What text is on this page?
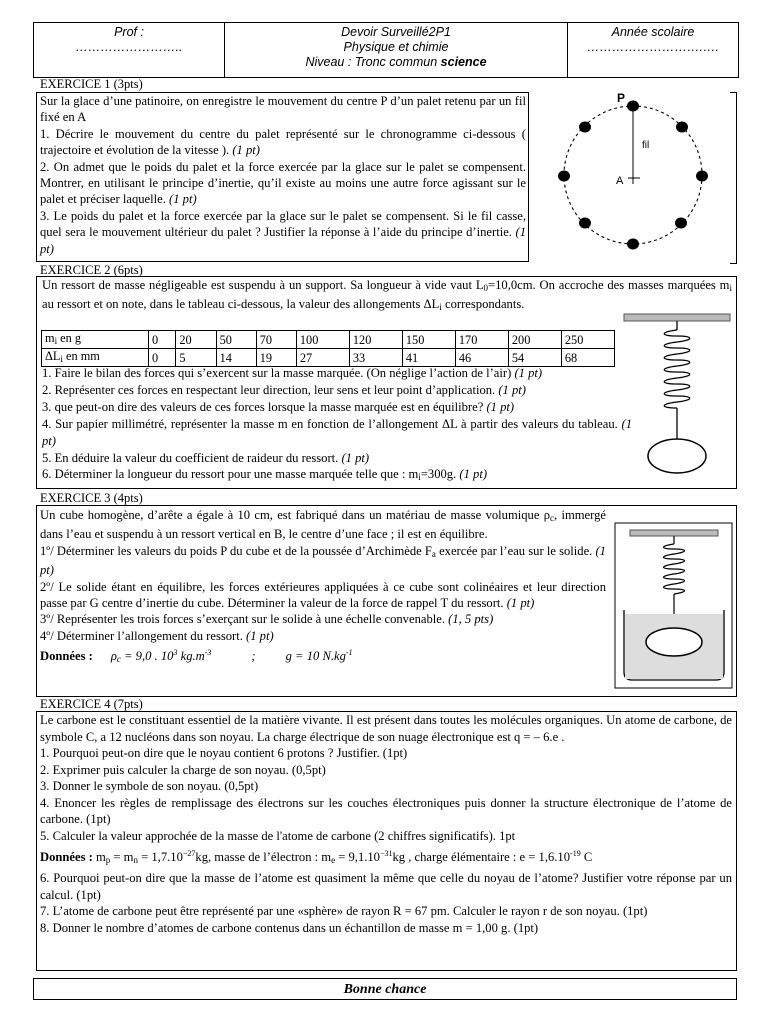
Prof :
……………………..
Devoir Surveillé2P1
Physique et chimie
Niveau : Tronc commun science
Année scolaire
……………………….….
EXERCICE 1 (3pts)

Sur la glace d’une patinoire, on enregistre le mouvement du centre P d’un palet retenu par un fil fixé en A

1. Décrire le mouvement du centre du palet représenté sur le chronogramme ci-dessous ( trajectoire et évolution de la vitesse ). (1 pt)

2. On admet que le poids du palet et la force exercée par la glace sur le palet se compensent. Montrer, en utilisant le principe d’inertie, qu’il existe au moins une autre force agissant sur le palet et préciser laquelle. (1 pt)

3. Le poids du palet et la force exercée par la glace sur le palet se compensent. Si le fil casse, quel sera le mouvement ultérieur du palet ? Justifier la réponse à l’aide du principe d’inertie. (1 pt)

P
fil
A
EXERCICE 2 (6pts)
Un ressort de masse négligeable est suspendu à un support. Sa longueur à vide vaut $L_0=10,0cm$. On accroche des masses marquées $m_i$ au ressort et on note, dans le tableau ci-dessous, la valeur des allongements $\Delta L_i$ correspondants.
$m_i$ en g	0	20	50	70	100	120	150	170	200	250
$\Delta L_i$ en mm	0	5	14	19	27	33	41	46	54	68

1. Faire le bilan des forces qui s’exercent sur la masse marquée. (On néglige l’action de l’air) (1 pt)

2. Représenter ces forces en respectant leur direction, leur sens et leur point d’application. (1 pt)

3. que peut-on dire des valeurs de ces forces lorsque la masse marquée est en équilibre? (1 pt)

4. Sur papier millimétré, représenter la masse m en fonction de l’allongement ΔL à partir des valeurs du tableau. (1 pt)

5. En déduire la valeur du coefficient de raideur du ressort. (1 pt)

6. Déterminer la longueur du ressort pour une masse marquée telle que : $m_i=300g$. (1 pt)

EXERCICE 3 (4pts)

Un cube homogène, d’arête a égale à 10 cm, est fabriqué dans un matériau de masse volumique $\rho_c$, immergé dans l’eau et suspendu à un ressort vertical en B, le centre d’une face ; il est en équilibre.

1º/ Déterminer les valeurs du poids P du cube et de la poussée d’Archimède $F_a$ exercée par l’eau sur le solide. (1 pt)

2º/ Le solide étant en équilibre, les forces extérieures appliquées à ce cube sont colinéaires et leur direction passe par G centre d’inertie du cube. Déterminer la valeur de la force de rappel T du ressort. (1 pt)

3º/ Représenter les trois forces s’exerçant sur le solide à une échelle convenable. (1, 5 pts)

4º/ Déterminer l’allongement du ressort. (1 pt)

Données : $\rho_c = 9,0$ . $10^3$ $kg.m^{-3}$	; g = 10 $N.kg^{-1}$

EXERCICE 4 (7pts)

Le carbone est le constituant essentiel de la matière vivante. Il est présent dans toutes les molécules organiques. Un atome de carbone, de symbole C, a 12 nucléons dans son noyau. La charge électrique de son nuage électronique est q = – 6.e .

1. Pourquoi peut-on dire que le noyau contient 6 protons ? Justifier. (1pt)

2. Exprimer puis calculer la charge de son noyau. (0,5pt)

3. Donner le symbole de son noyau. (0,5pt)

4. Enoncer les règles de remplissage des électrons sur les couches électroniques puis donner la structure électronique de l’atome de carbone. (1pt)

5. Calculer la valeur approchée de la masse de l'atome de carbone (2 chiffres significatifs). 1pt

Données : $m_p = m_n = 1,7.10^{-27}kg$, masse de l’électron : $m_e = 9,1.10^{-31}kg$ , charge élémentaire : $e = 1,6.10^{-19}$ C

6. Pourquoi peut-on dire que la masse de l’atome est quasiment la même que celle du noyau de l’atome? Justifier votre réponse par un calcul. (1pt)

7. L’atome de carbone peut être représenté par une «sphère» de rayon R = 67 pm. Calculer le rayon r de son noyau. (1pt)

8. Donner le nombre d’atomes de carbone contenus dans un échantillon de masse m = 1,00 g. (1pt)

Bonne chance
